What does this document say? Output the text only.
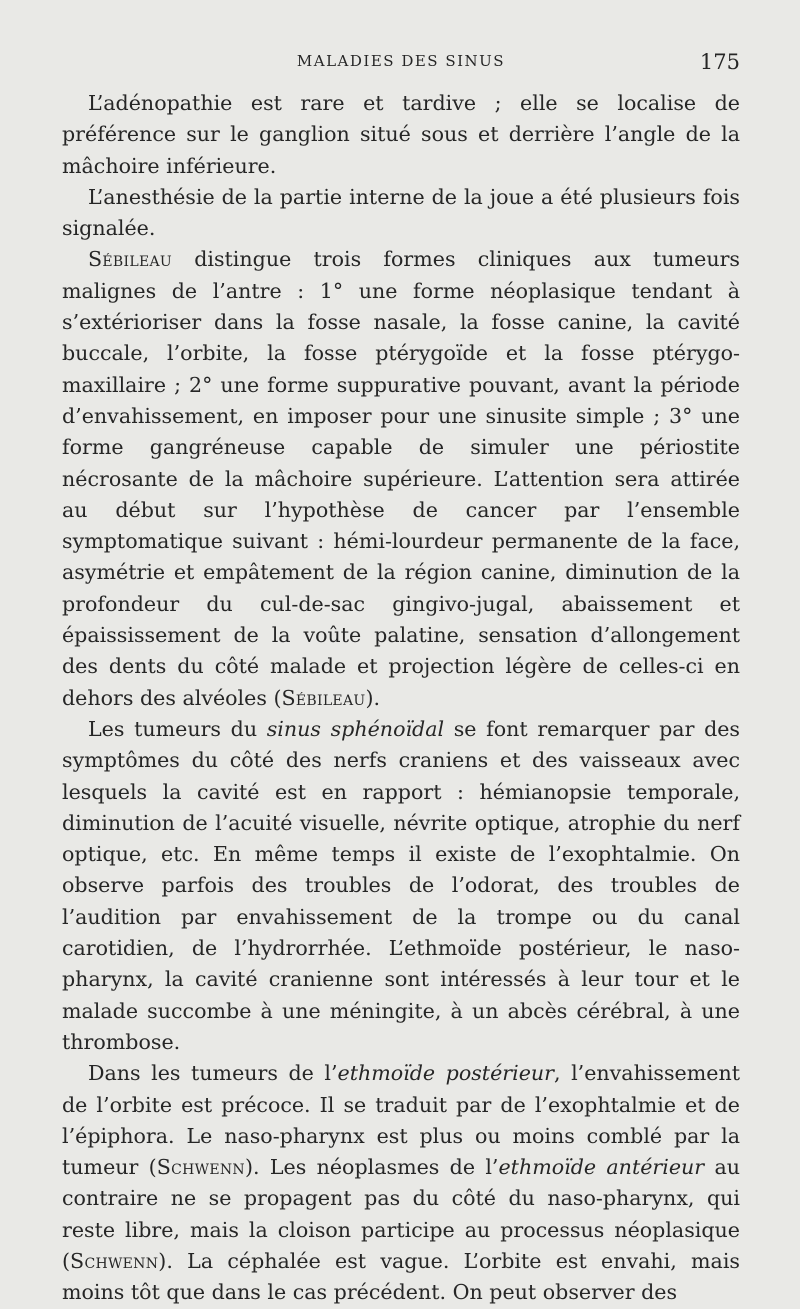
MALADIES DES SINUS	175

L’adénopathie est rare et tardive ; elle se localise de préférence sur le ganglion situé sous et derrière l’angle de la mâchoire inférieure.

L’anesthésie de la partie interne de la joue a été plusieurs fois signalée.

Sébileau distingue trois formes cliniques aux tumeurs malignes de l’antre : 1° une forme néoplasique tendant à s’extérioriser dans la fosse nasale, la fosse canine, la cavité buccale, l’orbite, la fosse ptérygoïde et la fosse ptérygo-maxillaire ; 2° une forme suppurative pouvant, avant la période d’envahissement, en imposer pour une sinusite simple ; 3° une forme gangréneuse capable de simuler une périostite nécrosante de la mâchoire supérieure. L’attention sera attirée au début sur l’hypothèse de cancer par l’ensemble symptomatique suivant : hémi-lourdeur permanente de la face, asymétrie et empâtement de la région canine, diminution de la profondeur du cul-de-sac gingivo-jugal, abaissement et épaississement de la voûte palatine, sensation d’allongement des dents du côté malade et projection légère de celles-ci en dehors des alvéoles (Sébileau).

Les tumeurs du sinus sphénoïdal se font remarquer par des symptômes du côté des nerfs craniens et des vaisseaux avec lesquels la cavité est en rapport : hémianopsie temporale, diminution de l’acuité visuelle, névrite optique, atrophie du nerf optique, etc. En même temps il existe de l’exophtalmie. On observe parfois des troubles de l’odorat, des troubles de l’audition par envahissement de la trompe ou du canal carotidien, de l’hydrorrhée. L’ethmoïde postérieur, le naso-pharynx, la cavité cranienne sont intéressés à leur tour et le malade succombe à une méningite, à un abcès cérébral, à une thrombose.

Dans les tumeurs de l’ethmoïde postérieur, l’envahissement de l’orbite est précoce. Il se traduit par de l’exophtalmie et de l’épiphora. Le naso-pharynx est plus ou moins comblé par la tumeur (Schwenn). Les néoplasmes de l’ethmoïde antérieur au contraire ne se propagent pas du côté du naso-pharynx, qui reste libre, mais la cloison participe au processus néoplasique (Schwenn). La céphalée est vague. L’orbite est envahi, mais moins tôt que dans le cas précédent. On peut observer des
